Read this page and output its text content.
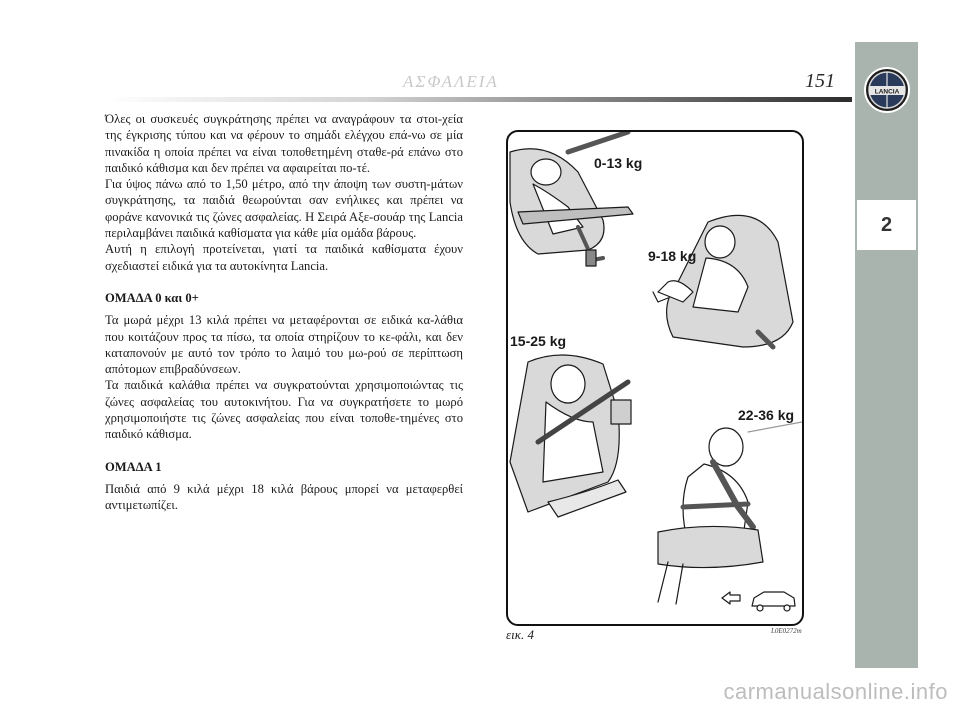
ΑΣΦΑΛΕΙΑ	151	LANCIA
2

Όλες οι συσκευές συγκράτησης πρέπει να αναγράφουν τα στοι-χεία της έγκρισης τύπου και να φέρουν το σημάδι ελέγχου επά-νω σε μία πινακίδα η οποία πρέπει να είναι τοποθετημένη σταθε-ρά επάνω στο παιδικό κάθισμα και δεν πρέπει να αφαιρείται πο-τέ.

Για ύψος πάνω από το 1,50 μέτρο, από την άποψη των συστη-μάτων συγκράτησης, τα παιδιά θεωρούνται σαν ενήλικες και πρέπει να φοράνε κανονικά τις ζώνες ασφαλείας. Η Σειρά Αξε-σουάρ της Lancia περιλαμβάνει παιδικά καθίσματα για κάθε μία ομάδα βάρους.

Αυτή η επιλογή προτείνεται, γιατί τα παιδικά καθίσματα έχουν σχεδιαστεί ειδικά για τα αυτοκίνητα Lancia.

ΟΜΑΔΑ 0 και 0+

Τα μωρά μέχρι 13 κιλά πρέπει να μεταφέρονται σε ειδικά κα-λάθια που κοιτάζουν προς τα πίσω, τα οποία στηρίζουν το κε-φάλι, και δεν καταπονούν με αυτό τον τρόπο το λαιμό του μω-ρού σε περίπτωση απότομων επιβραδύνσεων.

Τα παιδικά καλάθια πρέπει να συγκρατούνται χρησιμοποιώντας τις ζώνες ασφαλείας του αυτοκινήτου. Για να συγκρατήσετε το μωρό χρησιμοποιήστε τις ζώνες ασφαλείας που είναι τοποθε-τημένες στο παιδικό κάθισμα.

ΟΜΑΔΑ 1

Παιδιά από 9 κιλά μέχρι 18 κιλά βάρους μπορεί να μεταφερθεί αντιμετωπίζει.

0-13 kg
9-18 kg
15-25 kg
22-36 kg
εικ. 4	L0E0272m
carmanualsonline.info
